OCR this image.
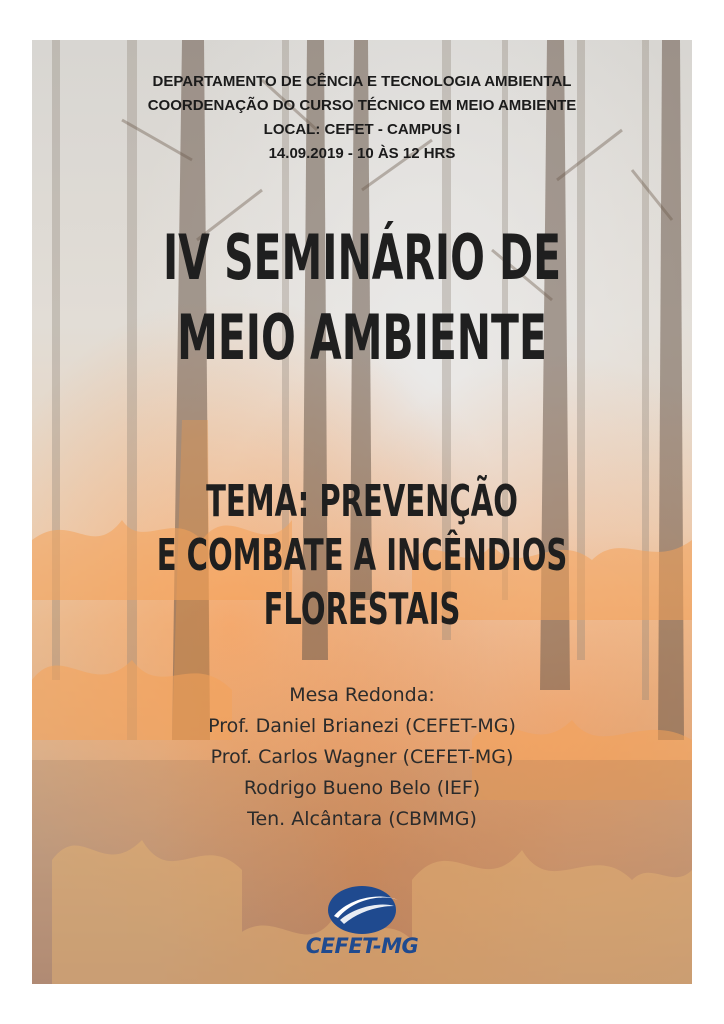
DEPARTAMENTO DE CÊNCIA E TECNOLOGIA AMBIENTAL
COORDENAÇÃO DO CURSO TÉCNICO EM MEIO AMBIENTE
LOCAL: CEFET - CAMPUS I
14.09.2019 - 10 ÀS 12 HRS
IV SEMINÁRIO DE
MEIO AMBIENTE
TEMA: PREVENÇÃO
E COMBATE A INCÊNDIOS
FLORESTAIS
Mesa Redonda:
Prof. Daniel Brianezi (CEFET-MG)
Prof. Carlos Wagner (CEFET-MG)
Rodrigo Bueno Belo (IEF)
Ten. Alcântara (CBMMG)
CEFET-MG
